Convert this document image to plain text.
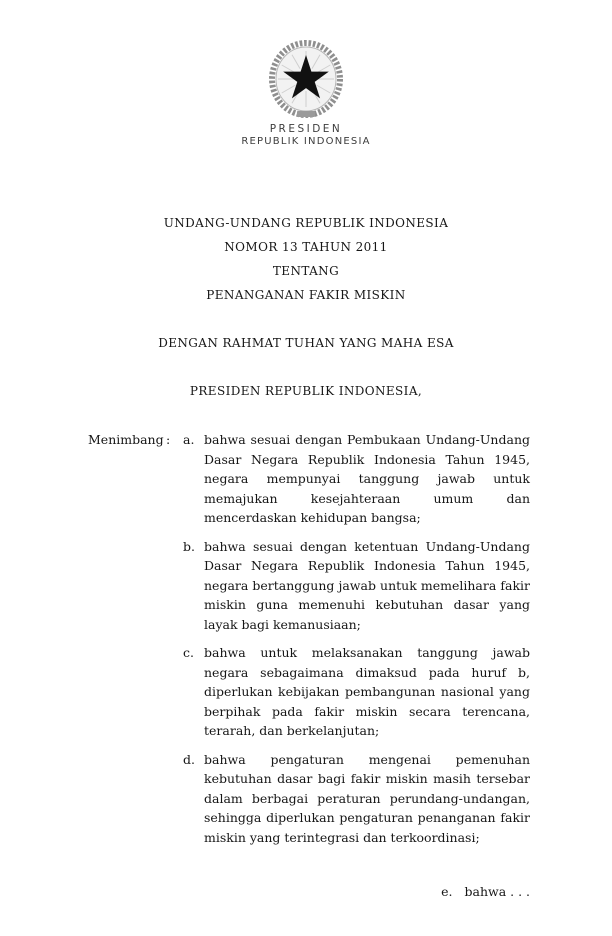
PRESIDEN
REPUBLIK INDONESIA
UNDANG-UNDANG REPUBLIK INDONESIA
NOMOR 13 TAHUN 2011
TENTANG
PENANGANAN FAKIR MISKIN
DENGAN RAHMAT TUHAN YANG MAHA ESA
PRESIDEN REPUBLIK INDONESIA,
Menimbang :	a. bahwa sesuai dengan Pembukaan Undang-Undang Dasar Negara Republik Indonesia Tahun 1945, negara mempunyai tanggung jawab untuk memajukan kesejahteraan umum dan mencerdaskan kehidupan bangsa;
b. bahwa sesuai dengan ketentuan Undang-Undang Dasar Negara Republik Indonesia Tahun 1945, negara bertanggung jawab untuk memelihara fakir miskin guna memenuhi kebutuhan dasar yang layak bagi kemanusiaan;
c. bahwa untuk melaksanakan tanggung jawab negara sebagaimana dimaksud pada huruf b, diperlukan kebijakan pembangunan nasional yang berpihak pada fakir miskin secara terencana, terarah, dan berkelanjutan;
d. bahwa pengaturan mengenai pemenuhan kebutuhan dasar bagi fakir miskin masih tersebar dalam berbagai peraturan perundang-undangan, sehingga diperlukan pengaturan penanganan fakir miskin yang terintegrasi dan terkoordinasi;
e. bahwa . . .
